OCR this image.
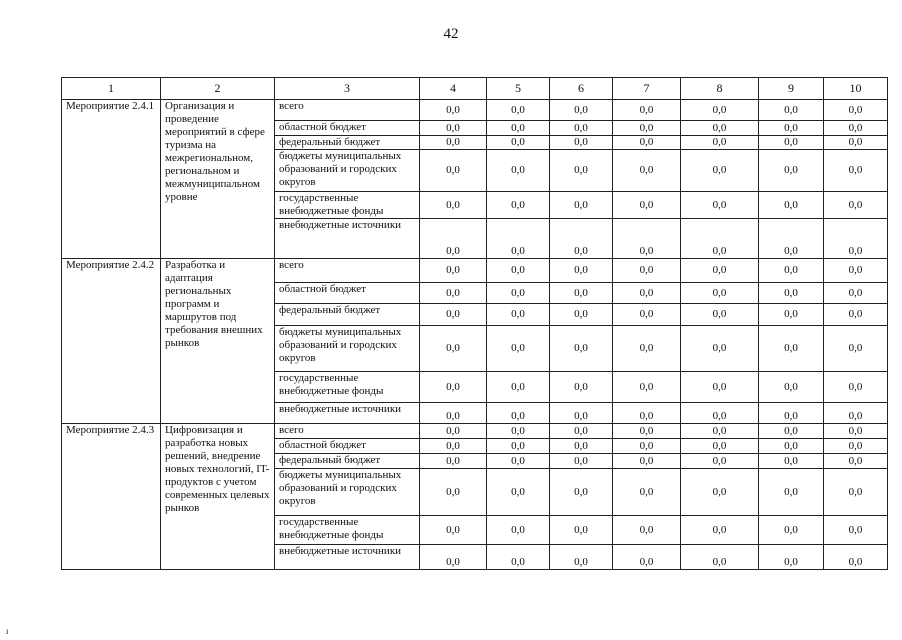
42
1	2	3	4	5	6	7	8	9	10
Мероприятие 2.4.1	Организация и проведение мероприятий в сфере туризма на межрегиональном, региональном и межмуниципальном уровне	всего	0,0	0,0	0,0	0,0	0,0	0,0	0,0
		областной бюджет	0,0	0,0	0,0	0,0	0,0	0,0	0,0
		федеральный бюджет	0,0	0,0	0,0	0,0	0,0	0,0	0,0
		бюджеты муниципальных образований и городских округов	0,0	0,0	0,0	0,0	0,0	0,0	0,0
		государственные внебюджетные фонды	0,0	0,0	0,0	0,0	0,0	0,0	0,0
		внебюджетные источники	0,0	0,0	0,0	0,0	0,0	0,0	0,0
Мероприятие 2.4.2	Разработка и адаптация региональных программ и маршрутов под требования внешних рынков	всего	0,0	0,0	0,0	0,0	0,0	0,0	0,0
		областной бюджет	0,0	0,0	0,0	0,0	0,0	0,0	0,0
		федеральный бюджет	0,0	0,0	0,0	0,0	0,0	0,0	0,0
		бюджеты муниципальных образований и городских округов	0,0	0,0	0,0	0,0	0,0	0,0	0,0
		государственные внебюджетные фонды	0,0	0,0	0,0	0,0	0,0	0,0	0,0
		внебюджетные источники	0,0	0,0	0,0	0,0	0,0	0,0	0,0
Мероприятие 2.4.3	Цифровизация и разработка новых решений, внедрение новых технологий, IT-продуктов с учетом современных целевых рынков	всего	0,0	0,0	0,0	0,0	0,0	0,0	0,0
		областной бюджет	0,0	0,0	0,0	0,0	0,0	0,0	0,0
		федеральный бюджет	0,0	0,0	0,0	0,0	0,0	0,0	0,0
		бюджеты муниципальных образований и городских округов	0,0	0,0	0,0	0,0	0,0	0,0	0,0
		государственные внебюджетные фонды	0,0	0,0	0,0	0,0	0,0	0,0	0,0
		внебюджетные источники	0,0	0,0	0,0	0,0	0,0	0,0	0,0
ı
